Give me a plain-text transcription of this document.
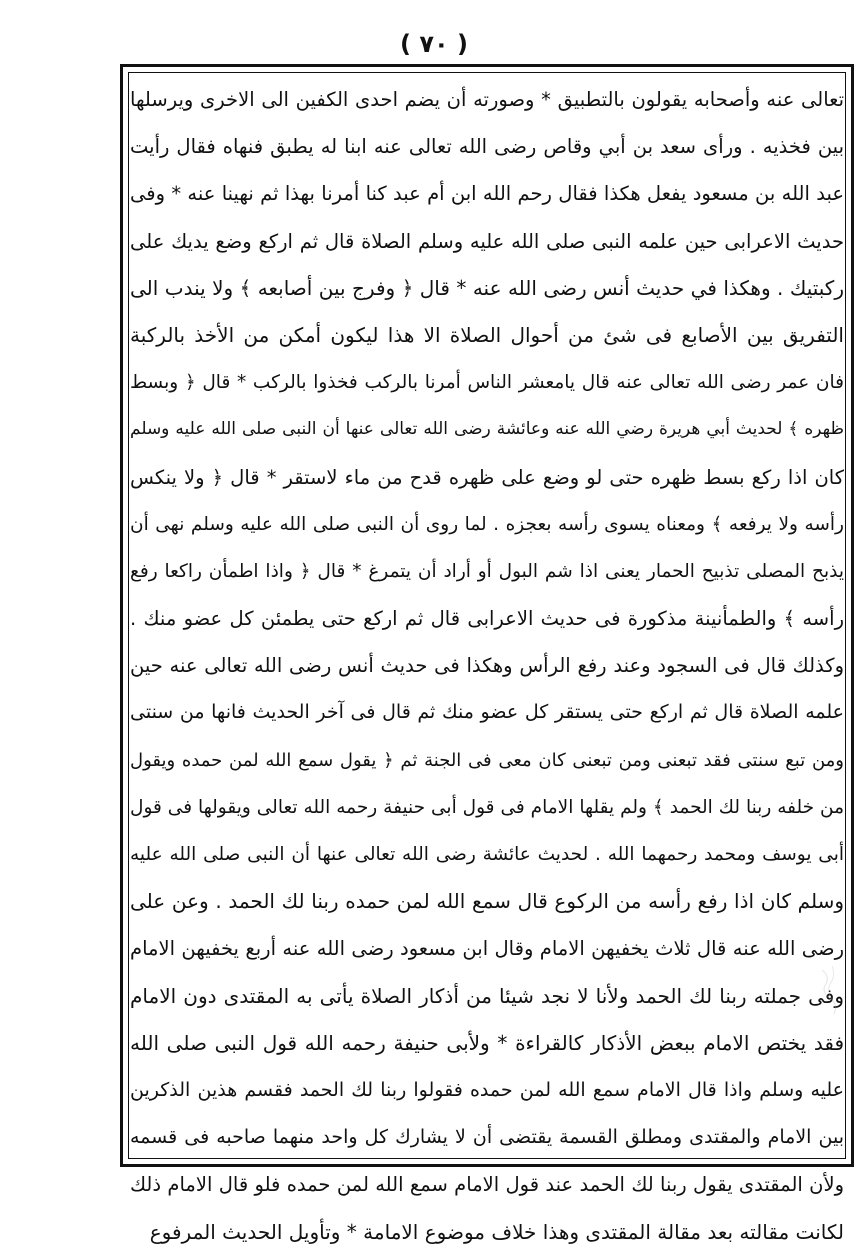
( ٧٠ )
تعالى عنه وأصحابه يقولون بالتطبيق * وصورته أن يضم احدى الكفين الى الاخرى ويرسلها
بين فخذيه . ورأى سعد بن أبي وقاص رضى الله تعالى عنه ابنا له يطبق فنهاه فقال رأيت
عبد الله بن مسعود يفعل هكذا فقال رحم الله ابن أم عبد كنا أمرنا بهذا ثم نهينا عنه * وفى
حديث الاعرابى حين علمه النبى صلى الله عليه وسلم الصلاة قال ثم اركع وضع يديك على
ركبتيك . وهكذا في حديث أنس رضى الله عنه * قال ﴿ وفرج بين أصابعه ﴾ ولا يندب الى
التفريق بين الأصابع فى شئ من أحوال الصلاة الا هذا ليكون أمكن من الأخذ بالركبة
فان عمر رضى الله تعالى عنه قال يامعشر الناس أمرنا بالركب فخذوا بالركب * قال ﴿ وبسط
ظهره ﴾ لحديث أبي هريرة رضي الله عنه وعائشة رضى الله تعالى عنها أن النبى صلى الله عليه وسلم
كان اذا ركع بسط ظهره حتى لو وضع على ظهره قدح من ماء لاستقر * قال ﴿ ولا ينكس
رأسه ولا يرفعه ﴾ ومعناه يسوى رأسه بعجزه . لما روى أن النبى صلى الله عليه وسلم نهى أن
يذبح المصلى تذبيح الحمار يعنى اذا شم البول أو أراد أن يتمرغ * قال ﴿ واذا اطمأن راكعا رفع
رأسه ﴾ والطمأنينة مذكورة فى حديث الاعرابى قال ثم اركع حتى يطمئن كل عضو منك .
وكذلك قال فى السجود وعند رفع الرأس وهكذا فى حديث أنس رضى الله تعالى عنه حين
علمه الصلاة قال ثم اركع حتى يستقر كل عضو منك ثم قال فى آخر الحديث فانها من سنتى
ومن تبع سنتى فقد تبعنى ومن تبعنى كان معى فى الجنة ثم ﴿ يقول سمع الله لمن حمده ويقول
من خلفه ربنا لك الحمد ﴾ ولم يقلها الامام فى قول أبى حنيفة رحمه الله تعالى ويقولها فى قول
أبى يوسف ومحمد رحمهما الله . لحديث عائشة رضى الله تعالى عنها أن النبى صلى الله عليه
وسلم كان اذا رفع رأسه من الركوع قال سمع الله لمن حمده ربنا لك الحمد . وعن على
رضى الله عنه قال ثلاث يخفيهن الامام وقال ابن مسعود رضى الله عنه أربع يخفيهن الامام
وفى جملته ربنا لك الحمد ولأنا لا نجد شيئا من أذكار الصلاة يأتى به المقتدى دون الامام
فقد يختص الامام ببعض الأذكار كالقراءة * ولأبى حنيفة رحمه الله قول النبى صلى الله
عليه وسلم واذا قال الامام سمع الله لمن حمده فقولوا ربنا لك الحمد فقسم هذين الذكرين
بين الامام والمقتدى ومطلق القسمة يقتضى أن لا يشارك كل واحد منهما صاحبه فى قسمه
ولأن المقتدى يقول ربنا لك الحمد عند قول الامام سمع الله لمن حمده فلو قال الامام ذلك
لكانت مقالته بعد مقالة المقتدى وهذا خلاف موضوع الامامة * وتأويل الحديث المرفوع
